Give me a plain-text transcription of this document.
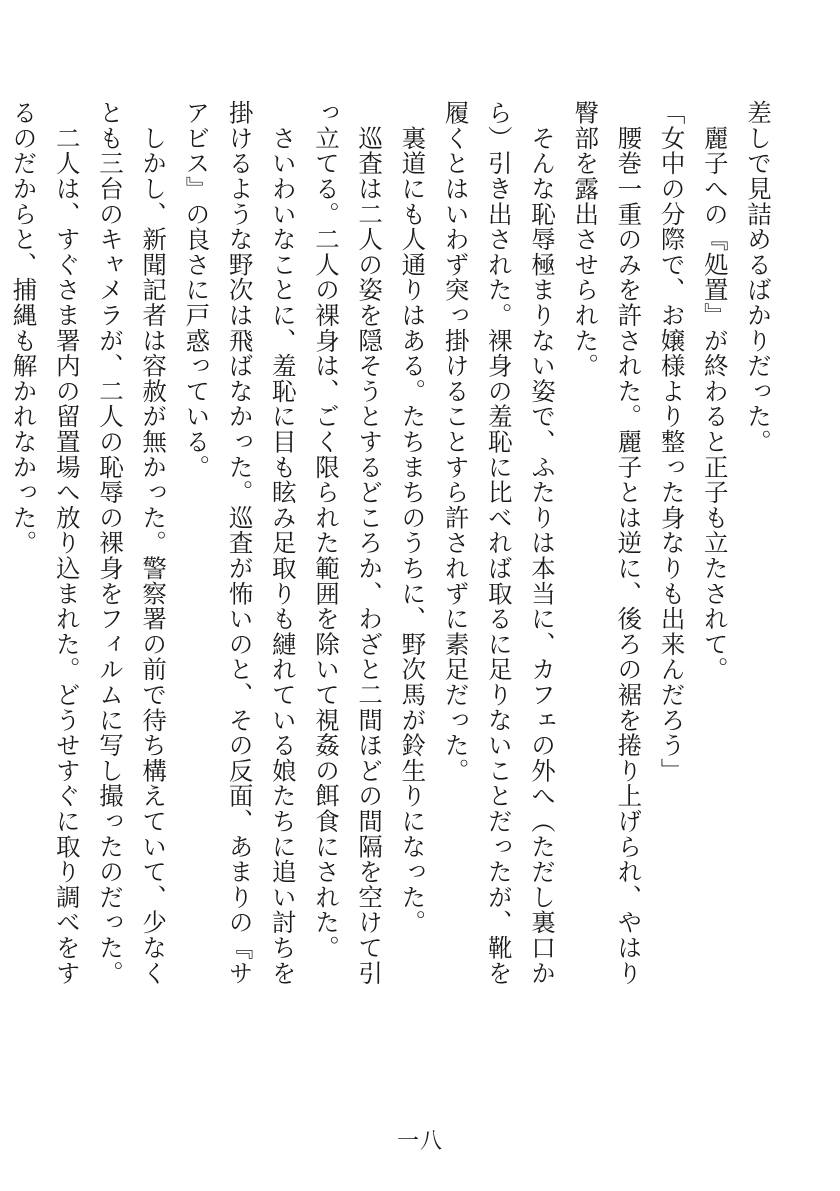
差しで見詰めるばかりだった。

　麗子への『処置』が終わると正子も立たされて。

「女中の分際で、お嬢様より整った身なりも出来んだろう」

　腰巻一重のみを許された。麗子とは逆に、後ろの裾を捲り上げられ、やはり臀部を露出させられた。

　そんな恥辱極まりない姿で、ふたりは本当に、カフェの外へ（ただし裏口から）引き出された。裸身の羞恥に比べれば取るに足りないことだったが、靴を履くとはいわず突っ掛けることすら許されずに素足だった。

　裏道にも人通りはある。たちまちのうちに、野次馬が鈴生りになった。

　巡査は二人の姿を隠そうとするどころか、わざと二間ほどの間隔を空けて引っ立てる。二人の裸身は、ごく限られた範囲を除いて視姦の餌食にされた。

　さいわいなことに、羞恥に目も眩み足取りも縺れている娘たちに追い討ちを掛けるような野次は飛ばなかった。巡査が怖いのと、その反面、あまりの『サアビス』の良さに戸惑っている。

　しかし、新聞記者は容赦が無かった。警察署の前で待ち構えていて、少なくとも三台のキャメラが、二人の恥辱の裸身をフィルムに写し撮ったのだった。

　二人は、すぐさま署内の留置場へ放り込まれた。どうせすぐに取り調べをするのだからと、捕縄も解かれなかった。

一八
